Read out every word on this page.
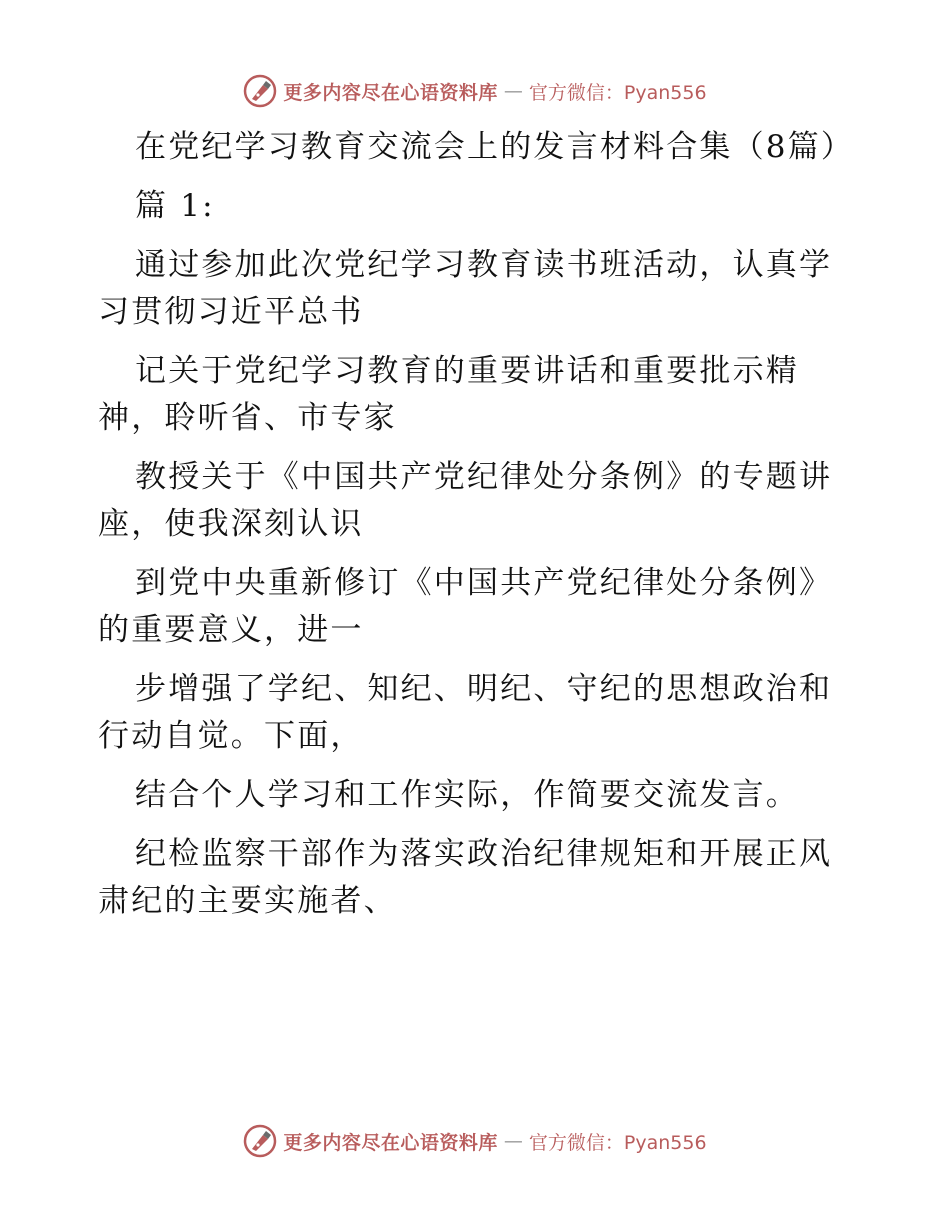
更多内容尽在心语资料库 — 官方微信：Pyan556

在党纪学习教育交流会上的发言材料合集（8篇）

篇 1:

通过参加此次党纪学习教育读书班活动，认真学习贯彻习近平总书

记关于党纪学习教育的重要讲话和重要批示精神，聆听省、市专家

教授关于《中国共产党纪律处分条例》的专题讲座，使我深刻认识

到党中央重新修订《中国共产党纪律处分条例》的重要意义，进一

步增强了学纪、知纪、明纪、守纪的思想政治和行动自觉。下面，

结合个人学习和工作实际，作简要交流发言。

纪检监察干部作为落实政治纪律规矩和开展正风肃纪的主要实施者、

更多内容尽在心语资料库 — 官方微信：Pyan556
